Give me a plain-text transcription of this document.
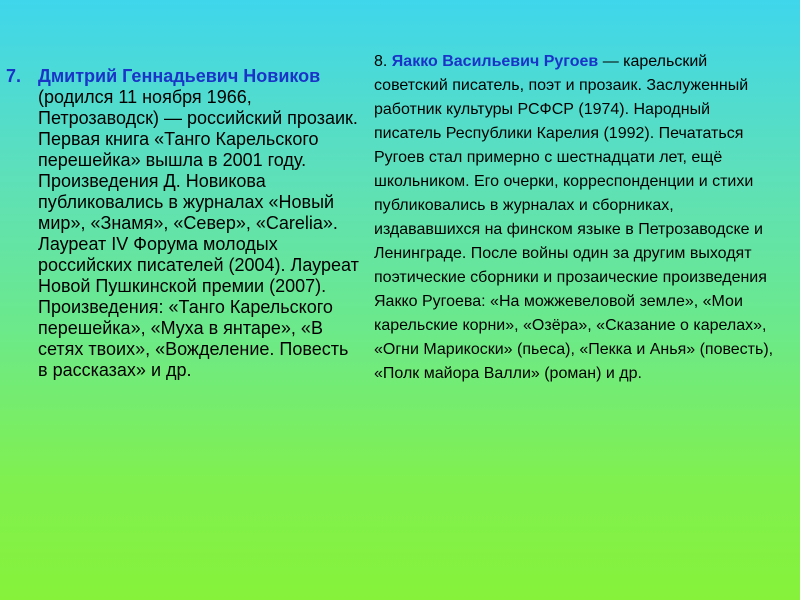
7. Дмитрий Геннадьевич Новиков (родился 11 ноября 1966, Петрозаводск) — российский прозаик. Первая книга «Танго Карельского перешейка» вышла в 2001 году. Произведения Д. Новикова публиковались в журналах «Новый мир», «Знамя», «Север», «Carelia». Лауреат IV Форума молодых российских писателей (2004). Лауреат Новой Пушкинской премии (2007). Произведения: «Танго Карельского перешейка», «Муха в янтаре», «В сетях твоих», «Вожделение. Повесть в рассказах» и др.
8. Яакко Васильевич Ругоев — карельский советский писатель, поэт и прозаик. Заслуженный работник культуры РСФСР (1974). Народный писатель Республики Карелия (1992). Печататься Ругоев стал примерно с шестнадцати лет, ещё школьником. Его очерки, корреспонденции и стихи публиковались в журналах и сборниках, издававшихся на финском языке в Петрозаводске и Ленинграде. После войны один за другим выходят поэтические сборники и прозаические произведения Яакко Ругоева: «На можжевеловой земле», «Мои карельские корни», «Озёра», «Сказание о карелах», «Огни Марикоски» (пьеса), «Пекка и Анья» (повесть), «Полк майора Валли» (роман) и др.
